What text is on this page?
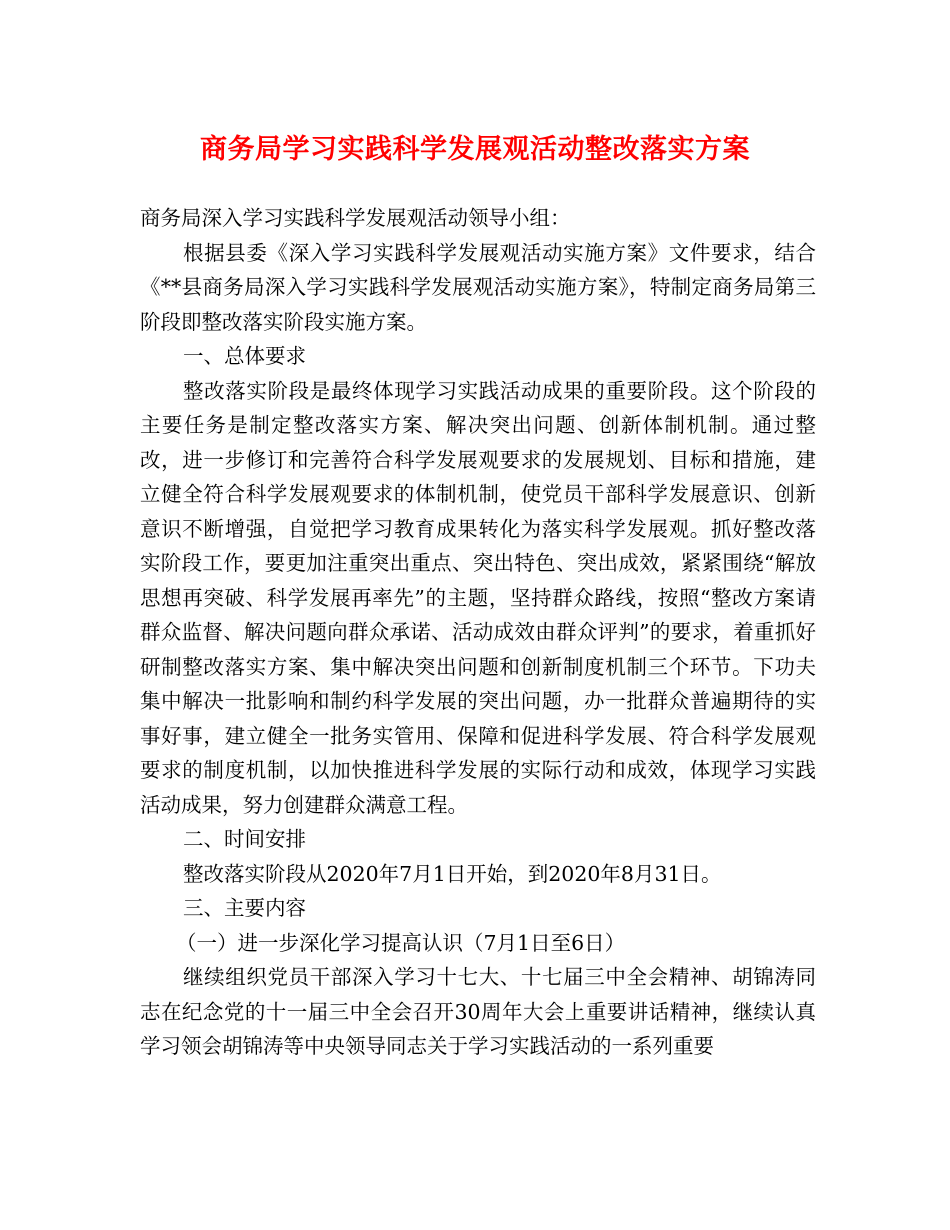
商务局学习实践科学发展观活动整改落实方案

商务局深入学习实践科学发展观活动领导小组：

根据县委《深入学习实践科学发展观活动实施方案》文件要求，结合《**县商务局深入学习实践科学发展观活动实施方案》，特制定商务局第三阶段即整改落实阶段实施方案。

一、总体要求

整改落实阶段是最终体现学习实践活动成果的重要阶段。这个阶段的主要任务是制定整改落实方案、解决突出问题、创新体制机制。通过整改，进一步修订和完善符合科学发展观要求的发展规划、目标和措施，建立健全符合科学发展观要求的体制机制，使党员干部科学发展意识、创新意识不断增强，自觉把学习教育成果转化为落实科学发展观。抓好整改落实阶段工作，要更加注重突出重点、突出特色、突出成效，紧紧围绕“解放思想再突破、科学发展再率先”的主题，坚持群众路线，按照“整改方案请群众监督、解决问题向群众承诺、活动成效由群众评判”的要求，着重抓好研制整改落实方案、集中解决突出问题和创新制度机制三个环节。下功夫集中解决一批影响和制约科学发展的突出问题，办一批群众普遍期待的实事好事，建立健全一批务实管用、保障和促进科学发展、符合科学发展观要求的制度机制，以加快推进科学发展的实际行动和成效，体现学习实践活动成果，努力创建群众满意工程。

二、时间安排

整改落实阶段从2020年7月1日开始，到2020年8月31日。

三、主要内容

（一）进一步深化学习提高认识（7月1日至6日）

继续组织党员干部深入学习十七大、十七届三中全会精神、胡锦涛同志在纪念党的十一届三中全会召开30周年大会上重要讲话精神，继续认真学习领会胡锦涛等中央领导同志关于学习实践活动的一系列重要
